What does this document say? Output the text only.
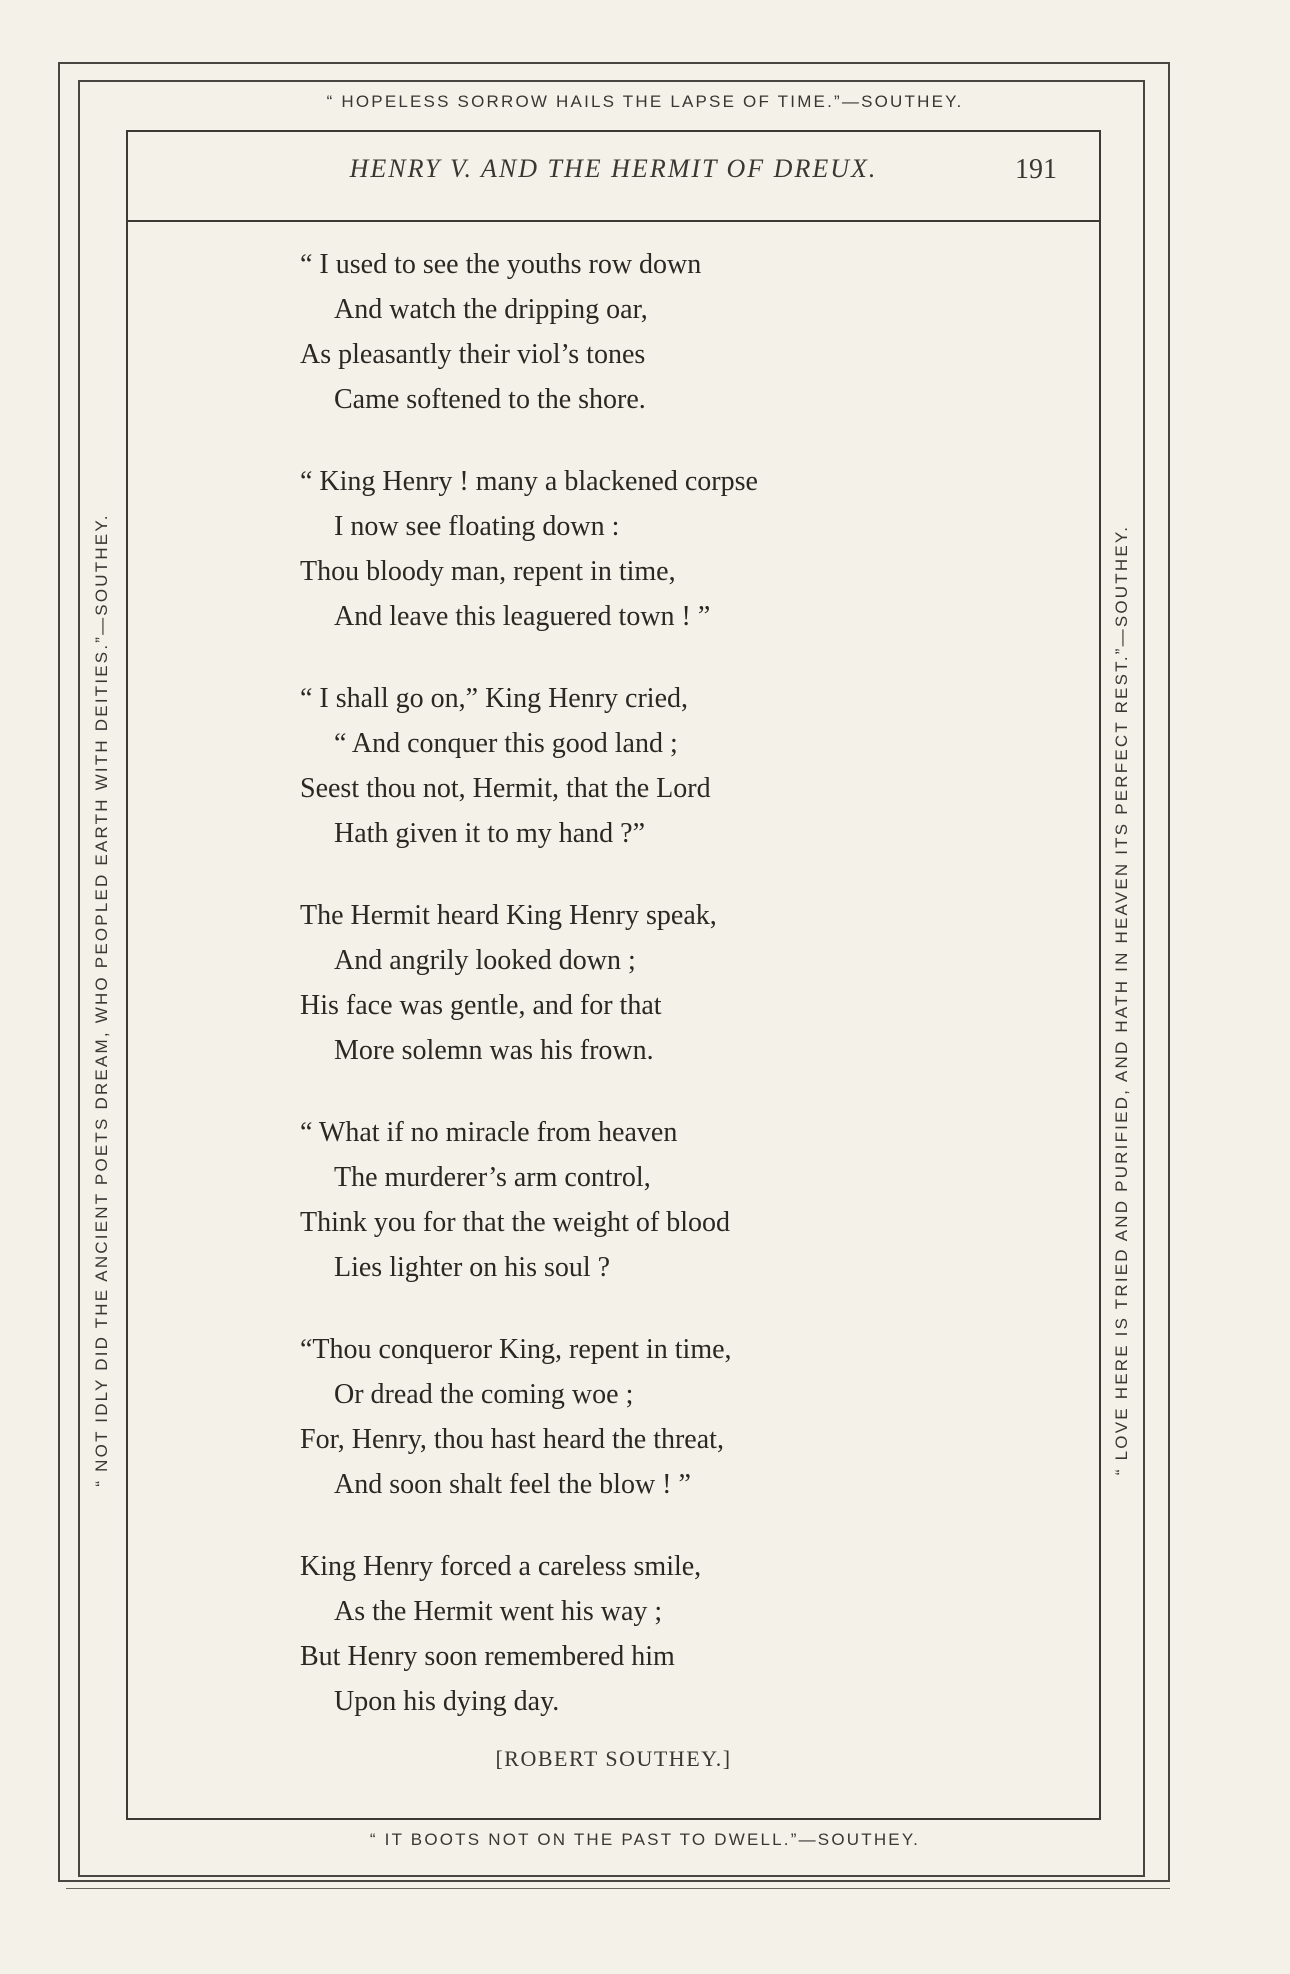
“ HOPELESS SORROW HAILS THE LAPSE OF TIME.”—SOUTHEY.
“ IT BOOTS NOT ON THE PAST TO DWELL.”—SOUTHEY.
“ NOT IDLY DID THE ANCIENT POETS DREAM, WHO PEOPLED EARTH WITH DEITIES.”—SOUTHEY.	“ LOVE HERE IS TRIED AND PURIFIED, AND HATH IN HEAVEN ITS PERFECT REST.”—SOUTHEY.
HENRY V. AND THE HERMIT OF DREUX.	191
“ I used to see the youths row down
And watch the dripping oar,
As pleasantly their viol’s tones
Came softened to the shore.
“ King Henry ! many a blackened corpse
I now see floating down :
Thou bloody man, repent in time,
And leave this leaguered town ! ”
“ I shall go on,” King Henry cried,
“ And conquer this good land ;
Seest thou not, Hermit, that the Lord
Hath given it to my hand ?”
The Hermit heard King Henry speak,
And angrily looked down ;
His face was gentle, and for that
More solemn was his frown.
“ What if no miracle from heaven
The murderer’s arm control,
Think you for that the weight of blood
Lies lighter on his soul ?
“Thou conqueror King, repent in time,
Or dread the coming woe ;
For, Henry, thou hast heard the threat,
And soon shalt feel the blow ! ”
King Henry forced a careless smile,
As the Hermit went his way ;
But Henry soon remembered him
Upon his dying day.
[ROBERT SOUTHEY.]
